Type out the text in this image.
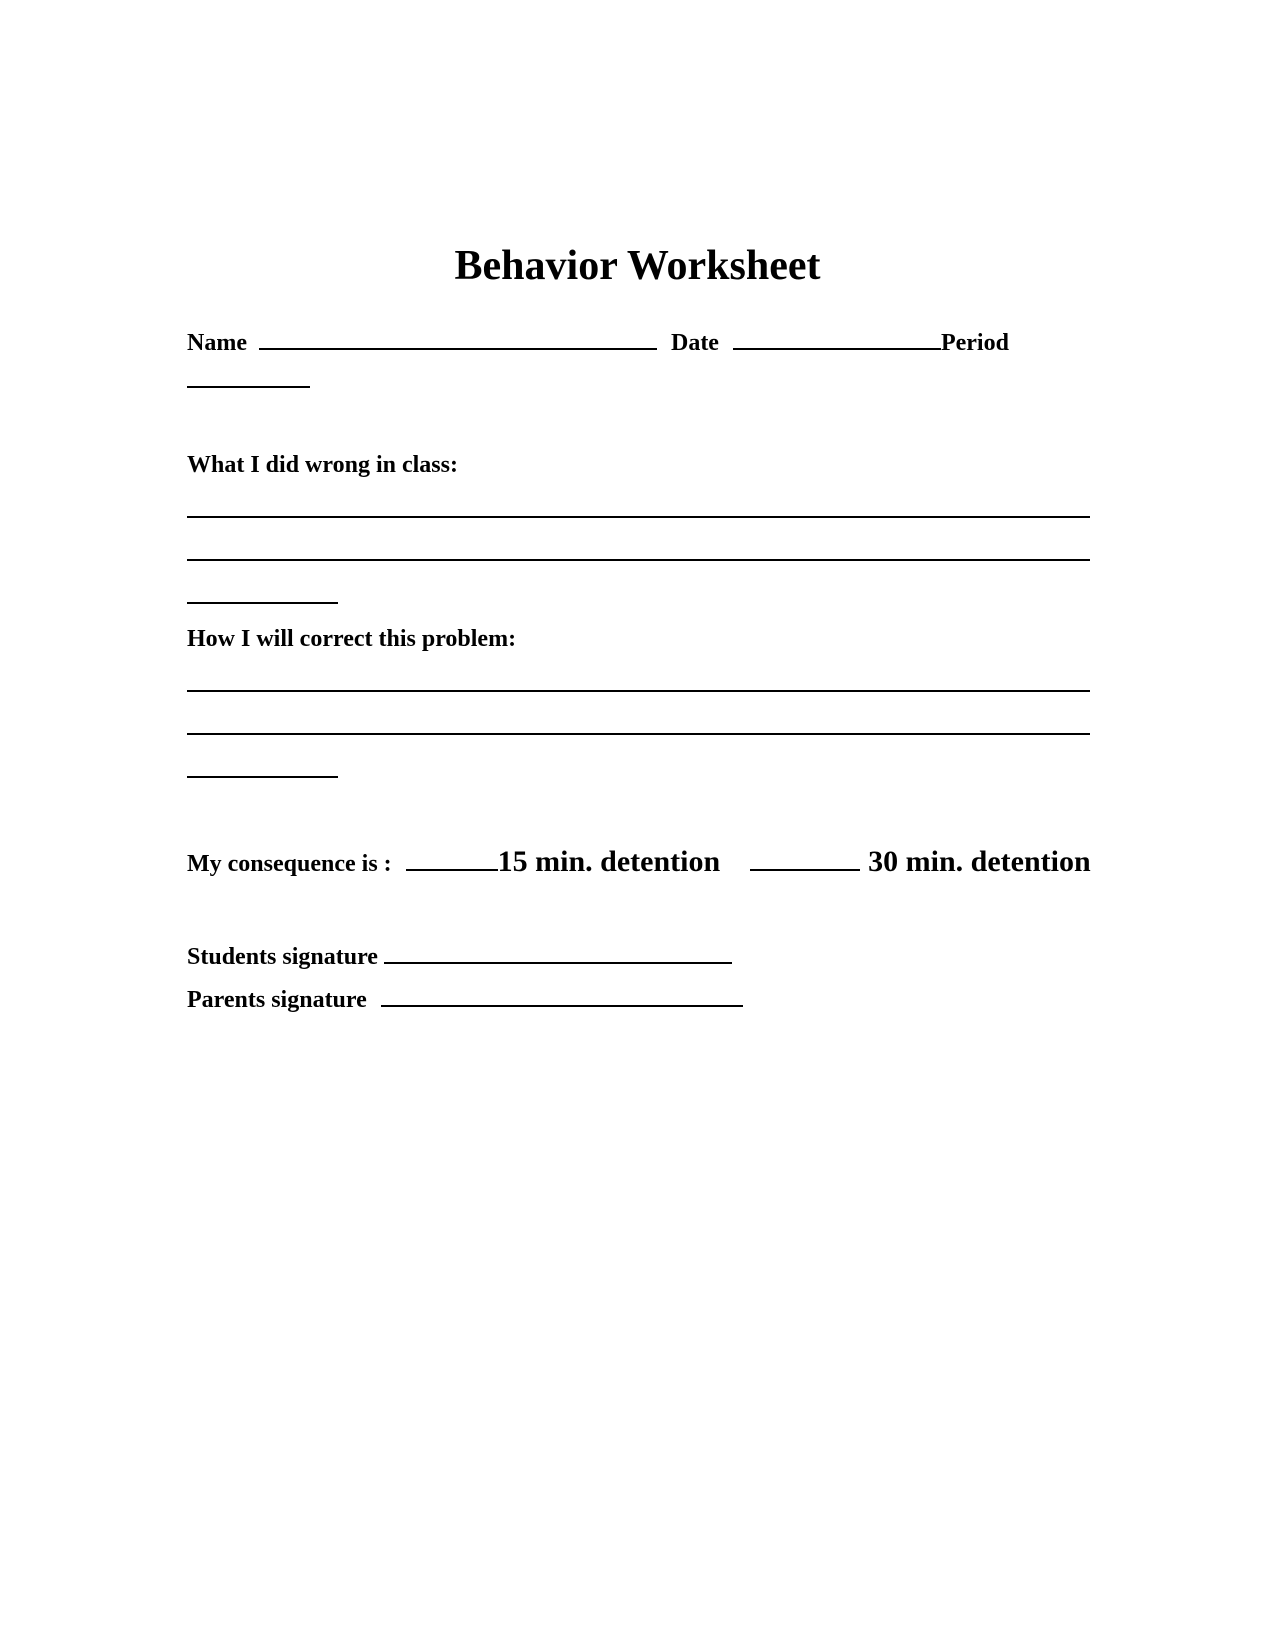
Behavior Worksheet
Name	Date	Period
What I did wrong in class:
How I will correct this problem:
My consequence is :	15 min. detention	30 min. detention
Students signature
Parents signature
